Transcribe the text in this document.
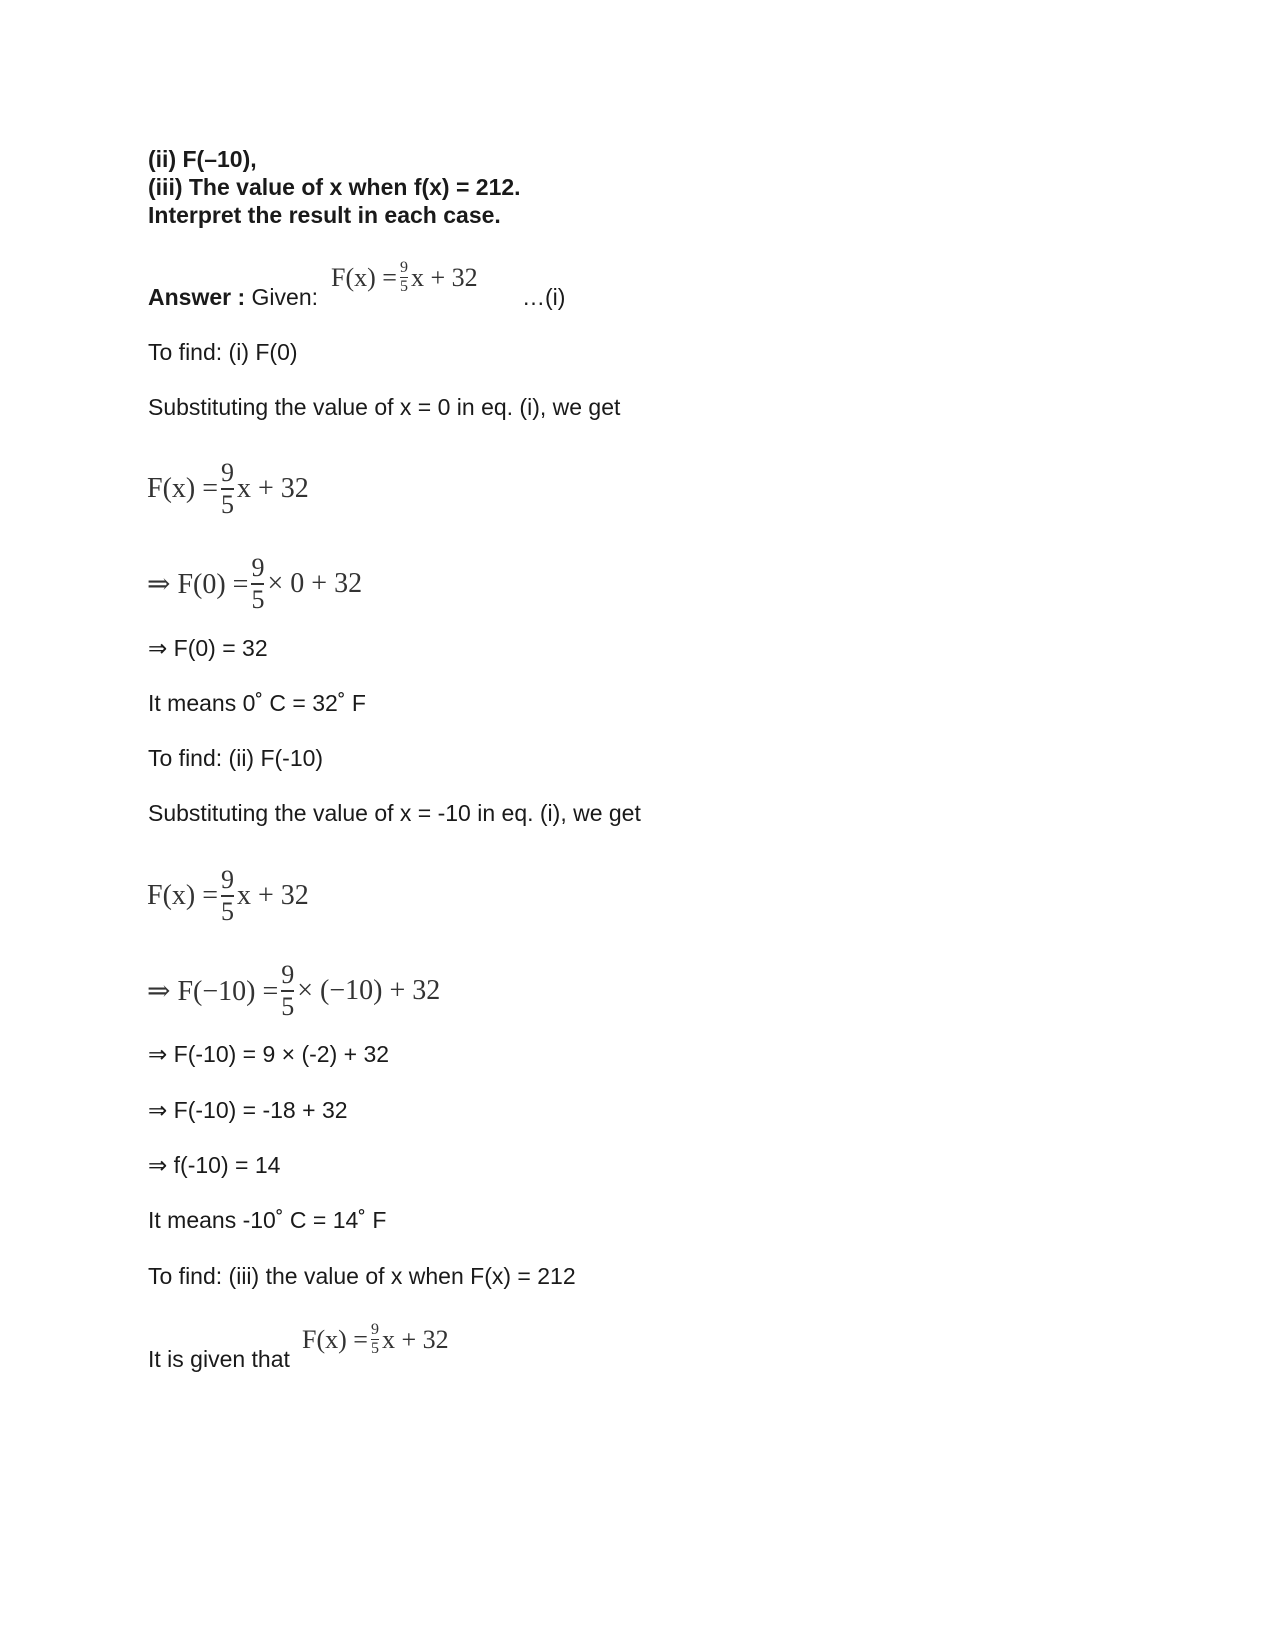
(ii) F(–10),
(iii) The value of x when f(x) = 212.
Interpret the result in each case.
Answer : Given:
$F(x) = \frac{9}{5}$ x + 32
…(i)
To find: (i) F(0)
Substituting the value of x = 0 in eq. (i), we get
$F(x) = \frac{9}{5}$ x + 32
⇒ $F(0) = \frac{9}{5} \times 0 + 32$
⇒ F(0) = 32
It means 0˚ C = 32˚ F
To find: (ii) F(-10)
Substituting the value of x = -10 in eq. (i), we get
$F(x) = \frac{9}{5}$ x + 32
⇒ $F(-10) = \frac{9}{5} \times (-10) + 32$
⇒ F(-10) = 9 × (-2) + 32
⇒ F(-10) = -18 + 32
⇒ f(-10) = 14
It means -10˚ C = 14˚ F
To find: (iii) the value of x when F(x) = 212
It is given that
$F(x) = \frac{9}{5}$ x + 32
